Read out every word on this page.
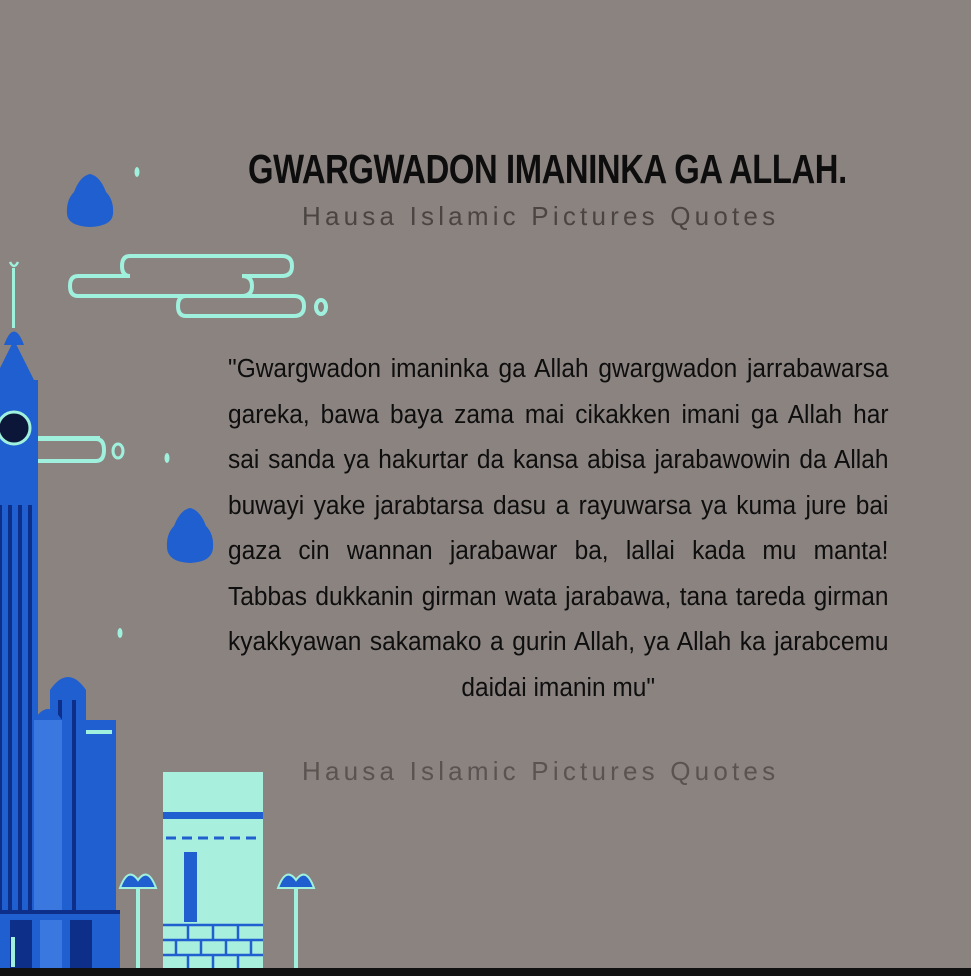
GWARGWADON IMANINKA GA ALLAH.
Hausa Islamic Pictures Quotes
"Gwargwadon imaninka ga Allah gwargwadon jarrabawarsa gareka, bawa baya zama mai cikakken imani ga Allah har sai sanda ya hakurtar da kansa abisa jarabawowin da Allah buwayi yake jarabtarsa dasu a rayuwarsa ya kuma jure bai gaza cin wannan jarabawar ba, lallai kada mu manta! Tabbas dukkanin girman wata jarabawa, tana tareda girman kyakkyawan sakamako a gurin Allah, ya Allah ka jarabcemu daidai imanin mu"
Hausa Islamic Pictures Quotes
